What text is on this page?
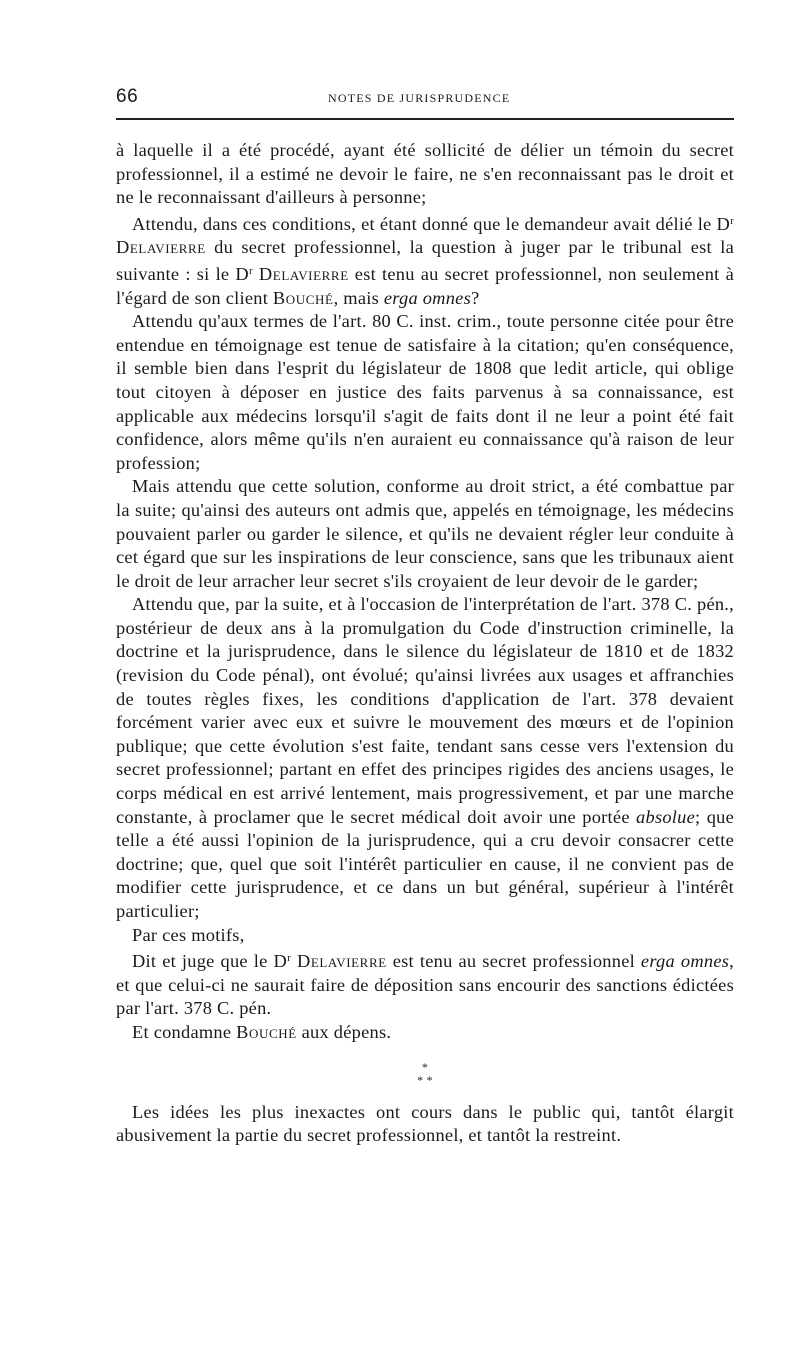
66	NOTES DE JURISPRUDENCE

à laquelle il a été procédé, ayant été sollicité de délier un témoin du secret professionnel, il a estimé ne devoir le faire, ne s'en reconnaissant pas le droit et ne le reconnaissant d'ailleurs à personne;

Attendu, dans ces conditions, et étant donné que le demandeur avait délié le $D^r$ Delavierre du secret professionnel, la question à juger par le tribunal est la suivante : si le $D^r$ Delavierre est tenu au secret professionnel, non seulement à l'égard de son client Bouché, mais erga omnes?

Attendu qu'aux termes de l'art. 80 C. inst. crim., toute personne citée pour être entendue en témoignage est tenue de satisfaire à la citation; qu'en conséquence, il semble bien dans l'esprit du législateur de 1808 que ledit article, qui oblige tout citoyen à déposer en justice des faits parvenus à sa connaissance, est applicable aux médecins lorsqu'il s'agit de faits dont il ne leur a point été fait confidence, alors même qu'ils n'en auraient eu connaissance qu'à raison de leur profession;

Mais attendu que cette solution, conforme au droit strict, a été combattue par la suite; qu'ainsi des auteurs ont admis que, appelés en témoignage, les médecins pouvaient parler ou garder le silence, et qu'ils ne devaient régler leur conduite à cet égard que sur les inspirations de leur conscience, sans que les tribunaux aient le droit de leur arracher leur secret s'ils croyaient de leur devoir de le garder;

Attendu que, par la suite, et à l'occasion de l'interprétation de l'art. 378 C. pén., postérieur de deux ans à la promulgation du Code d'instruction criminelle, la doctrine et la jurisprudence, dans le silence du législateur de 1810 et de 1832 (revision du Code pénal), ont évolué; qu'ainsi livrées aux usages et affranchies de toutes règles fixes, les conditions d'application de l'art. 378 devaient forcément varier avec eux et suivre le mouvement des mœurs et de l'opinion publique; que cette évolution s'est faite, tendant sans cesse vers l'extension du secret professionnel; partant en effet des principes rigides des anciens usages, le corps médical en est arrivé lentement, mais progressivement, et par une marche constante, à proclamer que le secret médical doit avoir une portée absolue; que telle a été aussi l'opinion de la jurisprudence, qui a cru devoir consacrer cette doctrine; que, quel que soit l'intérêt particulier en cause, il ne convient pas de modifier cette jurisprudence, et ce dans un but général, supérieur à l'intérêt particulier;

Par ces motifs,

Dit et juge que le $D^r$ Delavierre est tenu au secret professionnel erga omnes, et que celui-ci ne saurait faire de déposition sans encourir des sanctions édictées par l'art. 378 C. pén.

Et condamne Bouché aux dépens.

*
* *

Les idées les plus inexactes ont cours dans le public qui, tantôt élargit abusivement la partie du secret professionnel, et tantôt la restreint.
